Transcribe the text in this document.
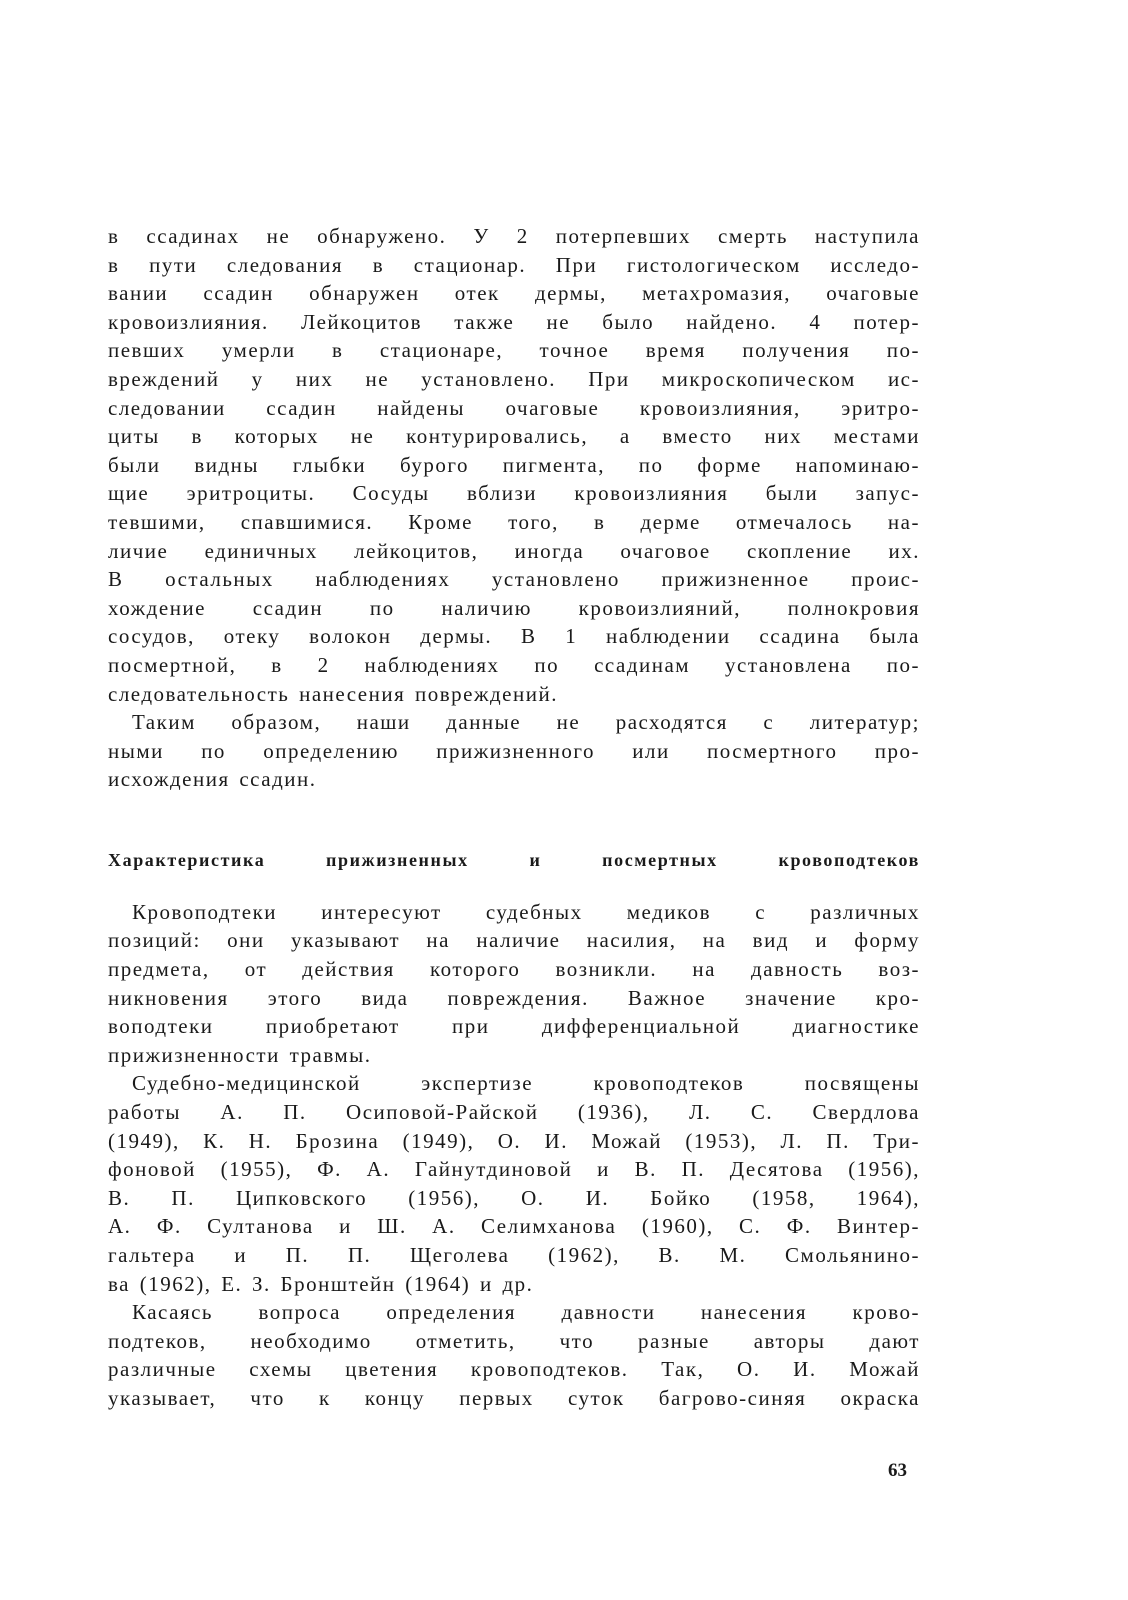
в ссадинах не обнаружено. У 2 потерпевших смерть наступила
в пути следования в стационар. При гистологическом исследо-
вании ссадин обнаружен отек дермы, метахромазия, очаговые
кровоизлияния. Лейкоцитов также не было найдено. 4 потер-
певших умерли в стационаре, точное время получения по-
вреждений у них не установлено. При микроскопическом ис-
следовании ссадин найдены очаговые кровоизлияния, эритро-
циты в которых не контурировались, а вместо них местами
были видны глыбки бурого пигмента, по форме напоминаю-
щие эритроциты. Сосуды вблизи кровоизлияния были запус-
тевшими, спавшимися. Кроме того, в дерме отмечалось на-
личие единичных лейкоцитов, иногда очаговое скопление их.
В остальных наблюдениях установлено прижизненное проис-
хождение ссадин по наличию кровоизлияний, полнокровия
сосудов, отеку волокон дермы. В 1 наблюдении ссадина была
посмертной, в 2 наблюдениях по ссадинам установлена по-
следовательность нанесения повреждений.
Таким образом, наши данные не расходятся с литератур;
ными по определению прижизненного или посмертного про-
исхождения ссадин.
Характеристика прижизненных и посмертных кровоподтеков
Кровоподтеки интересуют судебных медиков с различных
позиций: они указывают на наличие насилия, на вид и форму
предмета, от действия которого возникли. на давность воз-
никновения этого вида повреждения. Важное значение кро-
воподтеки приобретают при дифференциальной диагностике
прижизненности травмы.
Судебно-медицинской экспертизе кровоподтеков посвящены
работы А. П. Осиповой-Райской (1936), Л. С. Свердлова
(1949), К. Н. Брозина (1949), О. И. Можай (1953), Л. П. Три-
фоновой (1955), Ф. А. Гайнутдиновой и В. П. Десятова (1956),
В. П. Ципковского (1956), О. И. Бойко (1958, 1964),
А. Ф. Султанова и Ш. А. Селимханова (1960), С. Ф. Винтер-
гальтера и П. П. Щеголева (1962), В. М. Смольянино-
ва (1962), Е. З. Бронштейн (1964) и др.
Касаясь вопроса определения давности нанесения крово-
подтеков, необходимо отметить, что разные авторы дают
различные схемы цветения кровоподтеков. Так, О. И. Можай
указывает, что к концу первых суток багрово-синяя окраска
63
